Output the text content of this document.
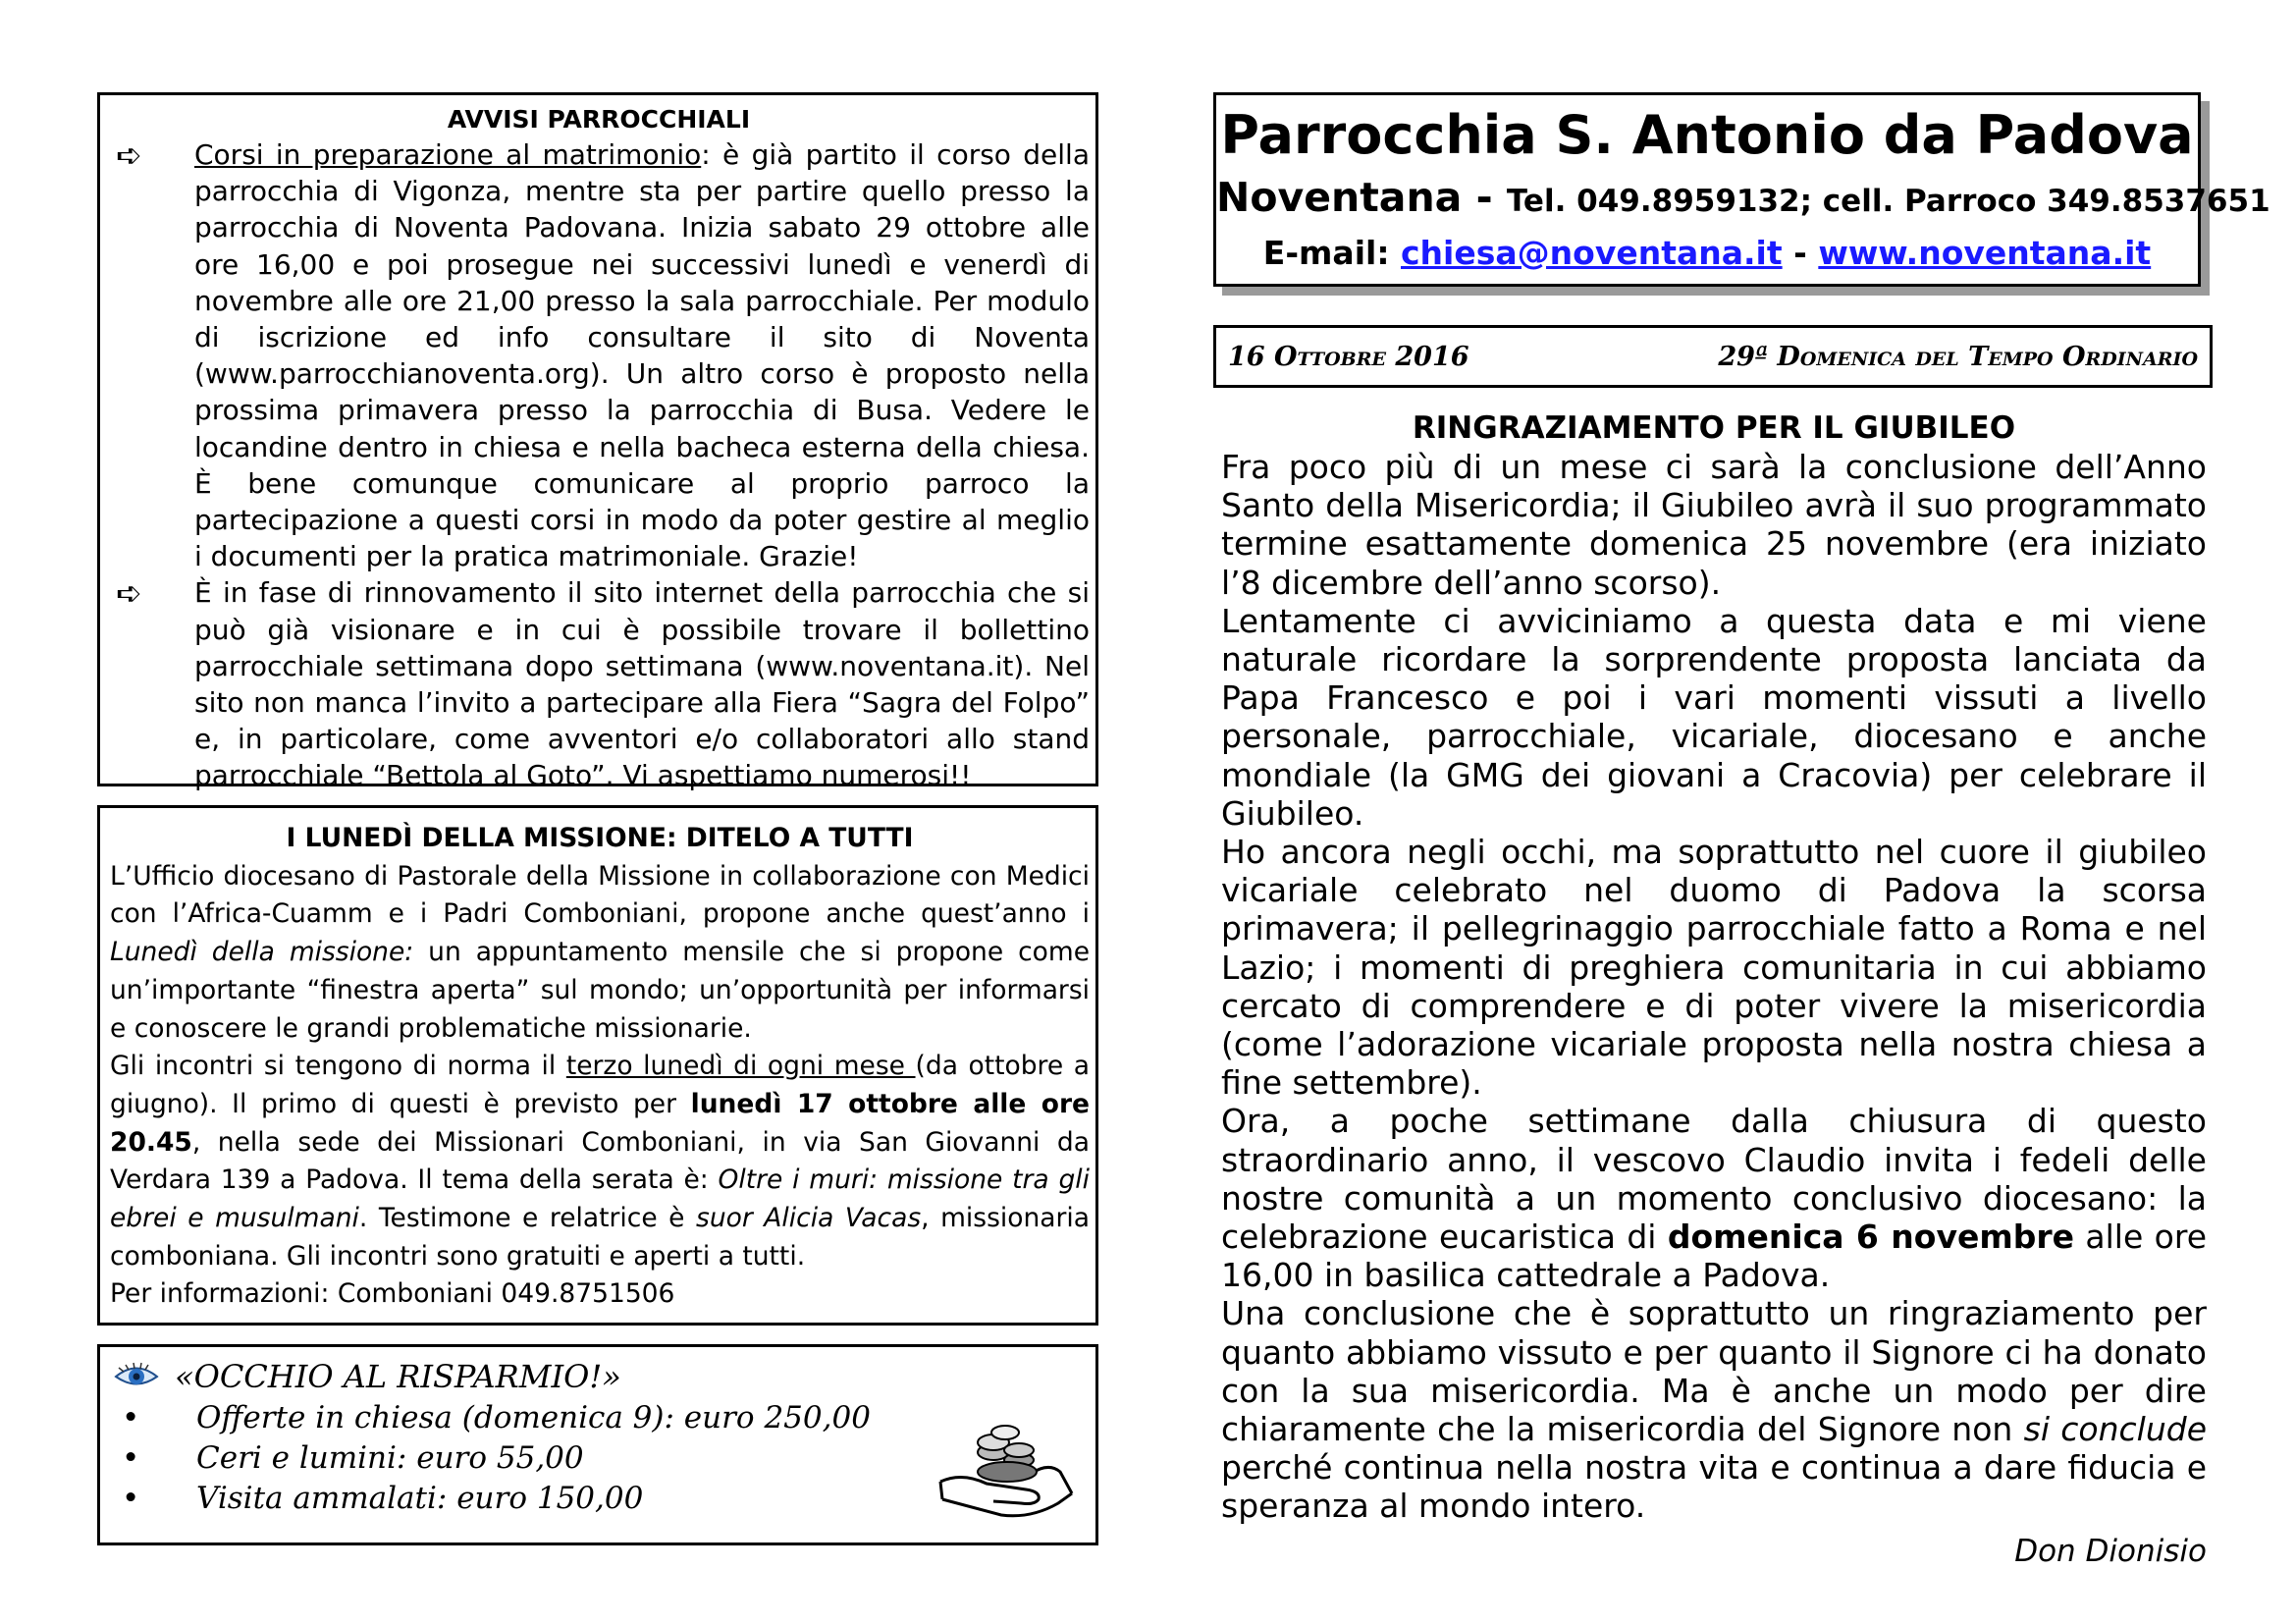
AVVISI PARROCCHIALI

➪ Corsi in preparazione al matrimonio: è già partito il corso della parrocchia di Vigonza, mentre sta per partire quello presso la parrocchia di Noventa Padovana. Inizia sabato 29 ottobre alle ore 16,00 e poi prosegue nei successivi lunedì e venerdì di novembre alle ore 21,00 presso la sala parrocchiale. Per modulo di iscrizione ed info consultare il sito di Noventa (www.parrocchianoventa.org). Un altro corso è proposto nella prossima primavera presso la parrocchia di Busa. Vedere le locandine dentro in chiesa e nella bacheca esterna della chiesa. È bene comunque comunicare al proprio parroco la partecipazione a questi corsi in modo da poter gestire al meglio i documenti per la pratica matrimoniale. Grazie!
➪ È in fase di rinnovamento il sito internet della parrocchia che si può già visionare e in cui è possibile trovare il bollettino parrocchiale settimana dopo settimana (www.noventana.it). Nel sito non manca l’invito a partecipare alla Fiera “Sagra del Folpo” e, in particolare, come avventori e/o collaboratori allo stand parrocchiale “Bettola al Goto”. Vi aspettiamo numerosi!!

I LUNEDÌ DELLA MISSIONE: DITELO A TUTTI

L’Ufficio diocesano di Pastorale della Missione in collaborazione con Medici con l’Africa-Cuamm e i Padri Comboniani, propone anche quest’anno i Lunedì della missione: un appuntamento mensile che si propone come un’importante “finestra aperta” sul mondo; un’opportunità per informarsi e conoscere le grandi problematiche missionarie.

Gli incontri si tengono di norma il terzo lunedì di ogni mese (da ottobre a giugno). Il primo di questi è previsto per lunedì 17 ottobre alle ore 20.45, nella sede dei Missionari Comboniani, in via San Giovanni da Verdara 139 a Padova. Il tema della serata è: Oltre i muri: missione tra gli ebrei e musulmani. Testimone e relatrice è suor Alicia Vacas, missionaria comboniana. Gli incontri sono gratuiti e aperti a tutti.

Per informazioni: Comboniani 049.8751506

«OCCHIO AL RISPARMIO!»

• Offerte in chiesa (domenica 9): euro 250,00
• Ceri e lumini: euro 55,00
• Visita ammalati: euro 150,00

Parrocchia S. Antonio da Padova

Noventana - Tel. 049.8959132; cell. Parroco 349.8537651

E-mail: chiesa@noventana.it - www.noventana.it

16 Ottobre 2016	29ª Domenica del Tempo Ordinario

RINGRAZIAMENTO PER IL GIUBILEO

Fra poco più di un mese ci sarà la conclusione dell’Anno Santo della Misericordia; il Giubileo avrà il suo programmato termine esattamente domenica 25 novembre (era iniziato l’8 dicembre dell’anno scorso).

Lentamente ci avviciniamo a questa data e mi viene naturale ricordare la sorprendente proposta lanciata da Papa Francesco e poi i vari momenti vissuti a livello personale, parrocchiale, vicariale, diocesano e anche mondiale (la GMG dei giovani a Cracovia) per celebrare il Giubileo.

Ho ancora negli occhi, ma soprattutto nel cuore il giubileo vicariale celebrato nel duomo di Padova la scorsa primavera; il pellegrinaggio parrocchiale fatto a Roma e nel Lazio; i momenti di preghiera comunitaria in cui abbiamo cercato di comprendere e di poter vivere la misericordia (come l’adorazione vicariale proposta nella nostra chiesa a fine settembre).

Ora, a poche settimane dalla chiusura di questo straordinario anno, il vescovo Claudio invita i fedeli delle nostre comunità a un momento conclusivo diocesano: la celebrazione eucaristica di domenica 6 novembre alle ore 16,00 in basilica cattedrale a Padova.

Una conclusione che è soprattutto un ringraziamento per quanto abbiamo vissuto e per quanto il Signore ci ha donato con la sua misericordia. Ma è anche un modo per dire chiaramente che la misericordia del Signore non si conclude perché continua nella nostra vita e continua a dare fiducia e speranza al mondo intero.

Don Dionisio
